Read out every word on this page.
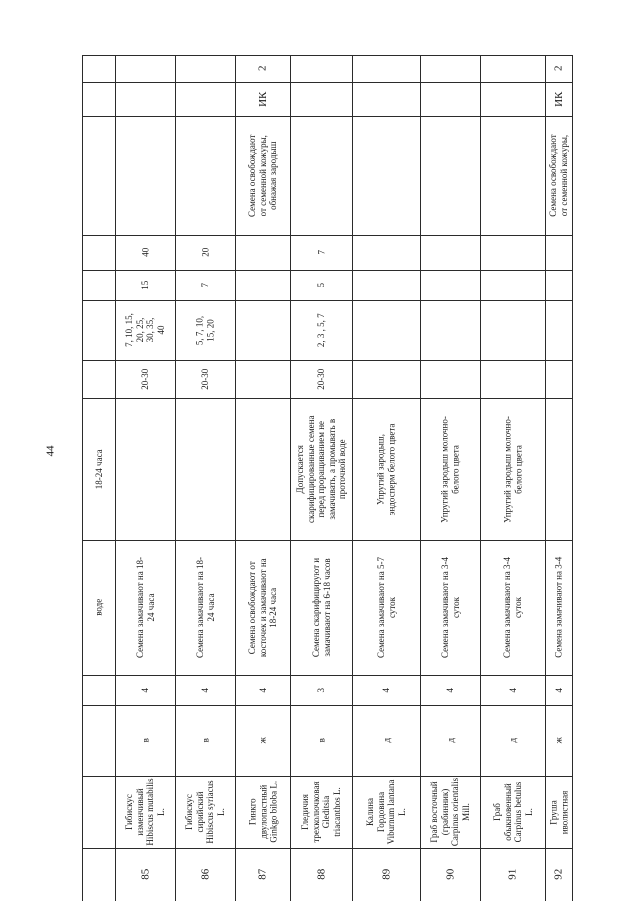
44
воде
18-24 часа
85
Гибискус
изменчивый
Hibiscus mutabilis
L.
в
4
Семена замачивают на 18-
24 часа
20-30
7, 10, 15,
20, 25,
30, 35,
40
15
40
86
Гибискус
сирийский
Hibiscus syriacus
L.
в
4
Семена замачивают на 18-
24 часа
20-30
5, 7, 10,
15, 20
7
20
87
Гинкго
двулопастный
Ginkgo biloba L.
ж
4
Семена освобождают от
косточек и замачивают на
18-24 часа
Семена освобождают
от семенной кожуры,
обнажая зародыш
ИК
2
88
Гледичия
трехколючковая
Gleditsia
triacanthos L.
в
3
Семена скарифицируют и
замачивают на 6-18 часов
Допускается
скарифицированные семена
перед проращиванием не
замачивать, а промывать в
проточной воде
20-30
2, 3 , 5, 7
5
7
89
Калина
Гордовина
Viburnum lantana
L.
д
4
Семена замачивают на 5-7
суток
Упругий зародыш,
эндосперм белого цвета
90
Граб восточный
(грабинник)
Carpinus orientalis
Mill.
д
4
Семена замачивают на 3-4
суток
Упругий зародыш молочно-
белого цвета
91
Граб
обыкновенный
Carpinus betulus
L.
д
4
Семена замачивают на 3-4
суток
Упругий зародыш молочно-
белого цвета
92
Груша
иволистная
ж
4
Семена замачивают на 3-4
Семена освобождают
от семенной кожуры,
ИК
2
